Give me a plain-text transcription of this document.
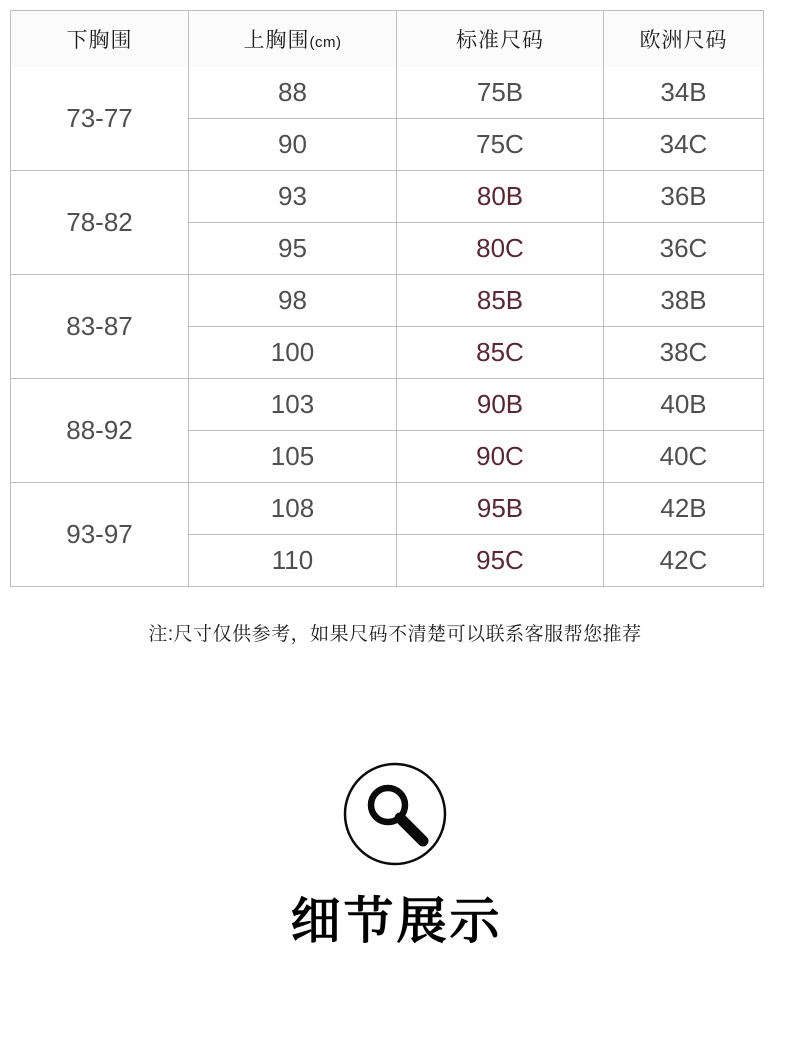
下胸围	上胸围(cm)	标准尺码	欧洲尺码
73-77	88	75B	34B
	90	75C	34C
78-82	93	80B	36B
	95	80C	36C
83-87	98	85B	38B
	100	85C	38C
88-92	103	90B	40B
	105	90C	40C
93-97	108	95B	42B
	110	95C	42C

注:尺寸仅供参考，如果尺码不清楚可以联系客服帮您推荐

细节展示
